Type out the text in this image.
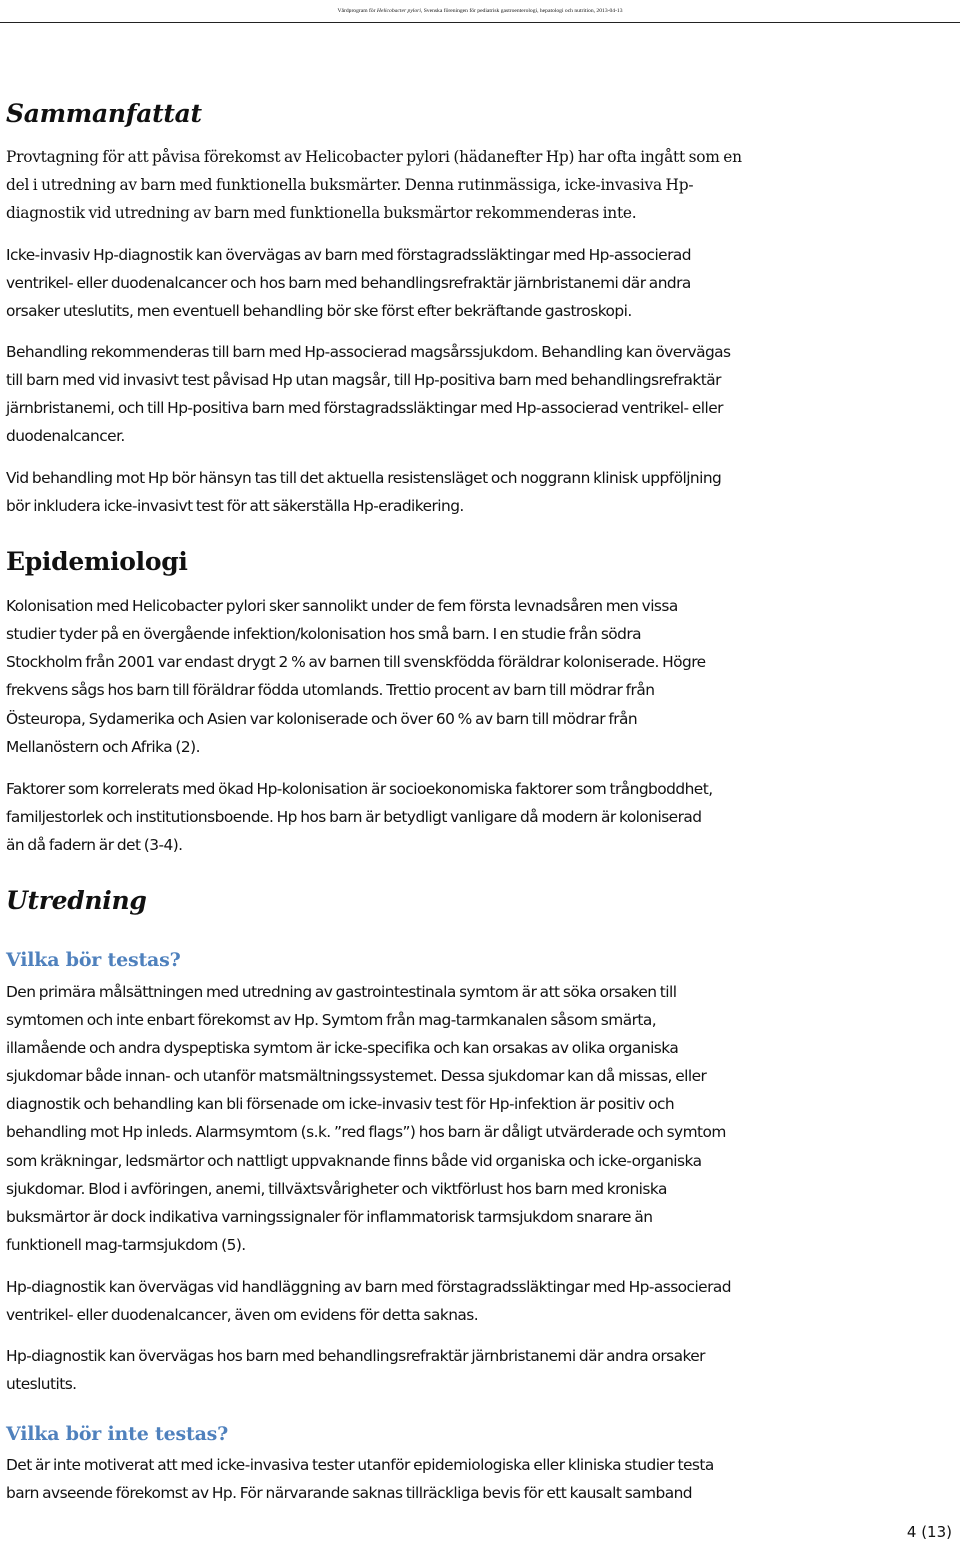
Vårdprogram för Helicobacter pylori, Svenska föreningen för pediatrisk gastroenterologi, hepatologi och nutrition, 2013-04-13
Sammanfattat
Provtagning för att påvisa förekomst av Helicobacter pylori (hädanefter Hp) har ofta ingått som en
del i utredning av barn med funktionella buksmärter. Denna rutinmässiga, icke-invasiva Hp-
diagnostik vid utredning av barn med funktionella buksmärtor rekommenderas inte.
Icke-invasiv Hp-diagnostik kan övervägas av barn med förstagradssläktingar med Hp-associerad
ventrikel- eller duodenalcancer och hos barn med behandlingsrefraktär järnbristanemi där andra
orsaker uteslutits, men eventuell behandling bör ske först efter bekräftande gastroskopi.
Behandling rekommenderas till barn med Hp-associerad magsårssjukdom. Behandling kan övervägas
till barn med vid invasivt test påvisad Hp utan magsår, till Hp-positiva barn med behandlingsrefraktär
järnbristanemi, och till Hp-positiva barn med förstagradssläktingar med Hp-associerad ventrikel- eller
duodenalcancer.
Vid behandling mot Hp bör hänsyn tas till det aktuella resistensläget och noggrann klinisk uppföljning
bör inkludera icke-invasivt test för att säkerställa Hp-eradikering.
Epidemiologi
Kolonisation med Helicobacter pylori sker sannolikt under de fem första levnadsåren men vissa
studier tyder på en övergående infektion/kolonisation hos små barn. I en studie från södra
Stockholm från 2001 var endast drygt 2 % av barnen till svenskfödda föräldrar koloniserade. Högre
frekvens sågs hos barn till föräldrar födda utomlands. Trettio procent av barn till mödrar från
Östeuropa, Sydamerika och Asien var koloniserade och över 60 % av barn till mödrar från
Mellanöstern och Afrika (2).
Faktorer som korrelerats med ökad Hp-kolonisation är socioekonomiska faktorer som trångboddhet,
familjestorlek och institutionsboende. Hp hos barn är betydligt vanligare då modern är koloniserad
än då fadern är det (3-4).
Utredning
Vilka bör testas?
Den primära målsättningen med utredning av gastrointestinala symtom är att söka orsaken till
symtomen och inte enbart förekomst av Hp. Symtom från mag-tarmkanalen såsom smärta,
illamående och andra dyspeptiska symtom är icke-specifika och kan orsakas av olika organiska
sjukdomar både innan- och utanför matsmältningssystemet. Dessa sjukdomar kan då missas, eller
diagnostik och behandling kan bli försenade om icke-invasiv test för Hp-infektion är positiv och
behandling mot Hp inleds. Alarmsymtom (s.k. ”red flags”) hos barn är dåligt utvärderade och symtom
som kräkningar, ledsmärtor och nattligt uppvaknande finns både vid organiska och icke-organiska
sjukdomar. Blod i avföringen, anemi, tillväxtsvårigheter och viktförlust hos barn med kroniska
buksmärtor är dock indikativa varningssignaler för inflammatorisk tarmsjukdom snarare än
funktionell mag-tarmsjukdom (5).
Hp-diagnostik kan övervägas vid handläggning av barn med förstagradssläktingar med Hp-associerad
ventrikel- eller duodenalcancer, även om evidens för detta saknas.
Hp-diagnostik kan övervägas hos barn med behandlingsrefraktär järnbristanemi där andra orsaker
uteslutits.
Vilka bör inte testas?
Det är inte motiverat att med icke-invasiva tester utanför epidemiologiska eller kliniska studier testa
barn avseende förekomst av Hp. För närvarande saknas tillräckliga bevis för ett kausalt samband
4 (13)
